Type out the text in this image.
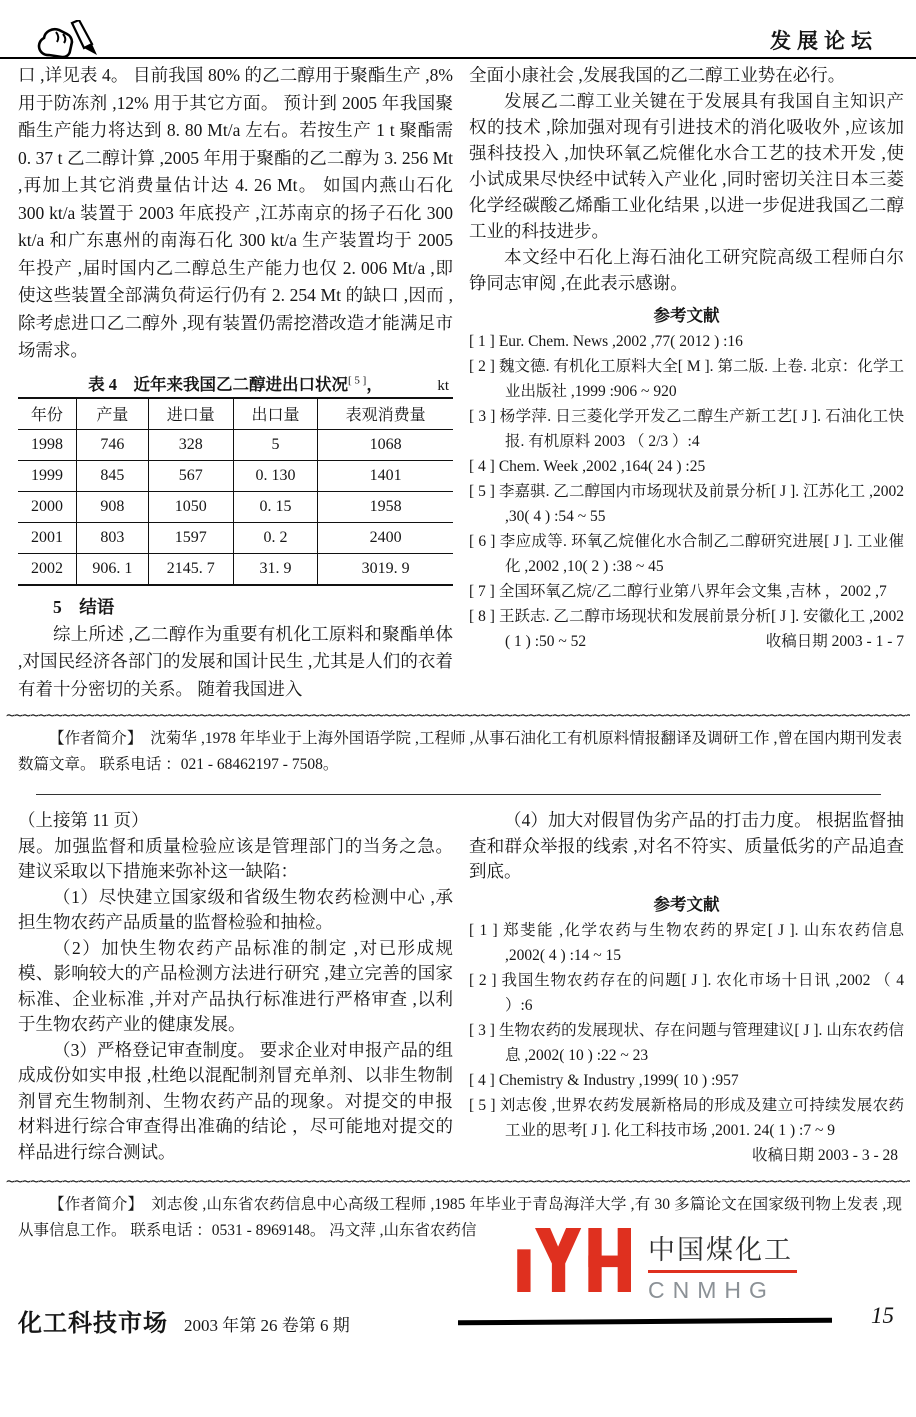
发展论坛

口 ,详见表 4。 目前我国 80% 的乙二醇用于聚酯生产 ,8% 用于防冻剂 ,12% 用于其它方面。 预计到 2005 年我国聚酯生产能力将达到 8. 80 Mt/a 左右。若按生产 1 t 聚酯需 0. 37 t 乙二醇计算 ,2005 年用于聚酯的乙二醇为 3. 256 Mt ,再加上其它消费量估计达 4. 26 Mt。 如国内燕山石化 300 kt/a 装置于 2003 年底投产 ,江苏南京的扬子石化 300 kt/a 和广东惠州的南海石化 300 kt/a 生产装置均于 2005 年投产 ,届时国内乙二醇总生产能力也仅 2. 006 Mt/a ,即使这些装置全部满负荷运行仍有 2. 254 Mt 的缺口 ,因而 ,除考虑进口乙二醇外 ,现有装置仍需挖潜改造才能满足市场需求。

表 4　近年来我国乙二醇进出口状况[ 5 ]，	kt
年份	产量	进口量	出口量	表观消费量
1998	746	328	5	1068
1999	845	567	0. 130	1401
2000	908	1050	0. 15	1958
2001	803	1597	0. 2	2400
2002	906. 1	2145. 7	31. 9	3019. 9
5　结语

综上所述 ,乙二醇作为重要有机化工原料和聚酯单体 ,对国民经济各部门的发展和国计民生 ,尤其是人们的衣着有着十分密切的关系。 随着我国进入

全面小康社会 ,发展我国的乙二醇工业势在必行。

发展乙二醇工业关键在于发展具有我国自主知识产权的技术 ,除加强对现有引进技术的消化吸收外 ,应该加强科技投入 ,加快环氧乙烷催化水合工艺的技术开发 ,使小试成果尽快经中试转入产业化 ,同时密切关注日本三菱化学经碳酸乙烯酯工业化结果 ,以进一步促进我国乙二醇工业的科技进步。

本文经中石化上海石油化工研究院高级工程师白尔铮同志审阅 ,在此表示感谢。

参考文献
[ 1 ] Eur. Chem. News ,2002 ,77( 2012 ) :16
[ 2 ] 魏文德. 有机化工原料大全[ M ]. 第二版. 上卷. 北京：化学工业出版社 ,1999 :906 ~ 920
[ 3 ] 杨学萍. 日三菱化学开发乙二醇生产新工艺[ J ]. 石油化工快报. 有机原料 2003 （ 2/3 ）:4
[ 4 ] Chem. Week ,2002 ,164( 24 ) :25
[ 5 ] 李嘉骐. 乙二醇国内市场现状及前景分析[ J ]. 江苏化工 ,2002 ,30( 4 ) :54 ~ 55
[ 6 ] 李应成等. 环氧乙烷催化水合制乙二醇研究进展[ J ]. 工业催化 ,2002 ,10( 2 ) :38 ~ 45
[ 7 ] 全国环氧乙烷/乙二醇行业第八界年会文集 ,吉林 ，2002 ,7
[ 8 ] 王跃志. 乙二醇市场现状和发展前景分析[ J ]. 安徽化工 ,2002 ( 1 ) :50 ~ 52	收稿日期 2003 - 1 - 7
~~~~~
【作者简介】　沈菊华 ,1978 年毕业于上海外国语学院 ,工程师 ,从事石油化工有机原料情报翻译及调研工作 ,曾在国内期刊发表数篇文章。 联系电话 ：021 - 68462197 - 7508。

（上接第 11 页）

展。加强监督和质量检验应该是管理部门的当务之急。建议采取以下措施来弥补这一缺陷：

（1）尽快建立国家级和省级生物农药检测中心 ,承担生物农药产品质量的监督检验和抽检。

（2）加快生物农药产品标准的制定 ,对已形成规模、影响较大的产品检测方法进行研究 ,建立完善的国家标准、企业标准 ,并对产品执行标准进行严格审查 ,以利于生物农药产业的健康发展。

（3）严格登记审查制度。 要求企业对申报产品的组成成份如实申报 ,杜绝以混配制剂冒充单剂、以非生物制剂冒充生物制剂、生物农药产品的现象。对提交的申报材料进行综合审查得出准确的结论 ，尽可能地对提交的样品进行综合测试。

（4）加大对假冒伪劣产品的打击力度。 根据监督抽查和群众举报的线索 ,对名不符实、质量低劣的产品追查到底。

参考文献
[ 1 ] 郑斐能 ,化学农药与生物农药的界定[ J ]. 山东农药信息 ,2002( 4 ) :14 ~ 15
[ 2 ] 我国生物农药存在的问题[ J ]. 农化市场十日讯 ,2002 （ 4 ）:6
[ 3 ] 生物农药的发展现状、存在问题与管理建议[ J ]. 山东农药信息 ,2002( 10 ) :22 ~ 23
[ 4 ] Chemistry & Industry ,1999( 10 ) :957
[ 5 ] 刘志俊 ,世界农药发展新格局的形成及建立可持续发展农药工业的思考[ J ]. 化工科技市场 ,2001. 24( 1 ) :7 ~ 9
收稿日期 2003 - 3 - 28
~~~~~
【作者简介】　刘志俊 ,山东省农药信息中心高级工程师 ,1985 年毕业于青岛海洋大学 ,有 30 多篇论文在国家级刊物上发表 ,现从事信息工作。 联系电话 ：0531 - 8969148。 冯文萍 ,山东省农药信
中国煤化工
CNMHG
化工科技市场 2003 年第 26 卷第 6 期	15
